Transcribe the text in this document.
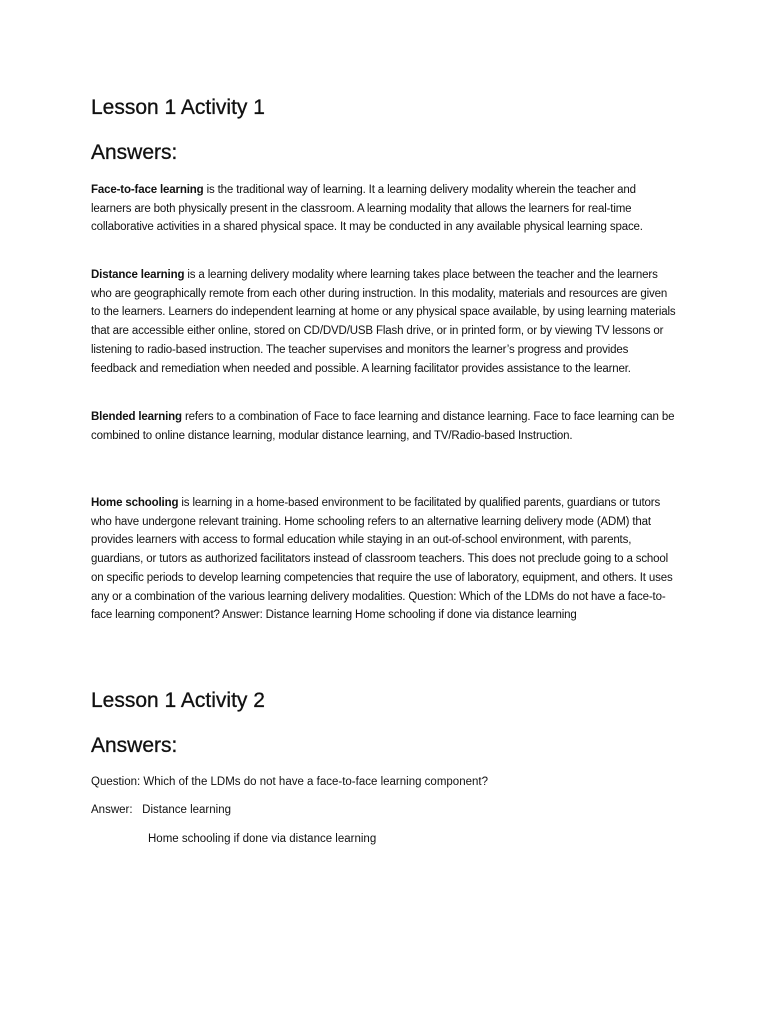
Lesson 1 Activity 1
Answers:

Face-to-face learning is the traditional way of learning. It a learning delivery modality wherein the teacher and learners are both physically present in the classroom. A learning modality that allows the learners for real-time collaborative activities in a shared physical space. It may be conducted in any available physical learning space.

Distance learning is a learning delivery modality where learning takes place between the teacher and the learners who are geographically remote from each other during instruction. In this modality, materials and resources are given to the learners. Learners do independent learning at home or any physical space available, by using learning materials that are accessible either online, stored on CD/DVD/USB Flash drive, or in printed form, or by viewing TV lessons or listening to radio-based instruction. The teacher supervises and monitors the learner’s progress and provides feedback and remediation when needed and possible. A learning facilitator provides assistance to the learner.

Blended learning refers to a combination of Face to face learning and distance learning. Face to face learning can be combined to online distance learning, modular distance learning, and TV/Radio-based Instruction.

Home schooling is learning in a home-based environment to be facilitated by qualified parents, guardians or tutors who have undergone relevant training. Home schooling refers to an alternative learning delivery mode (ADM) that provides learners with access to formal education while staying in an out-of-school environment, with parents, guardians, or tutors as authorized facilitators instead of classroom teachers. This does not preclude going to a school on specific periods to develop learning competencies that require the use of laboratory, equipment, and others. It uses any or a combination of the various learning delivery modalities. Question: Which of the LDMs do not have a face-to-face learning component? Answer: Distance learning Home schooling if done via distance learning

Lesson 1 Activity 2
Answers:

Question: Which of the LDMs do not have a face-to-face learning component?

Answer: Distance learning

Home schooling if done via distance learning
